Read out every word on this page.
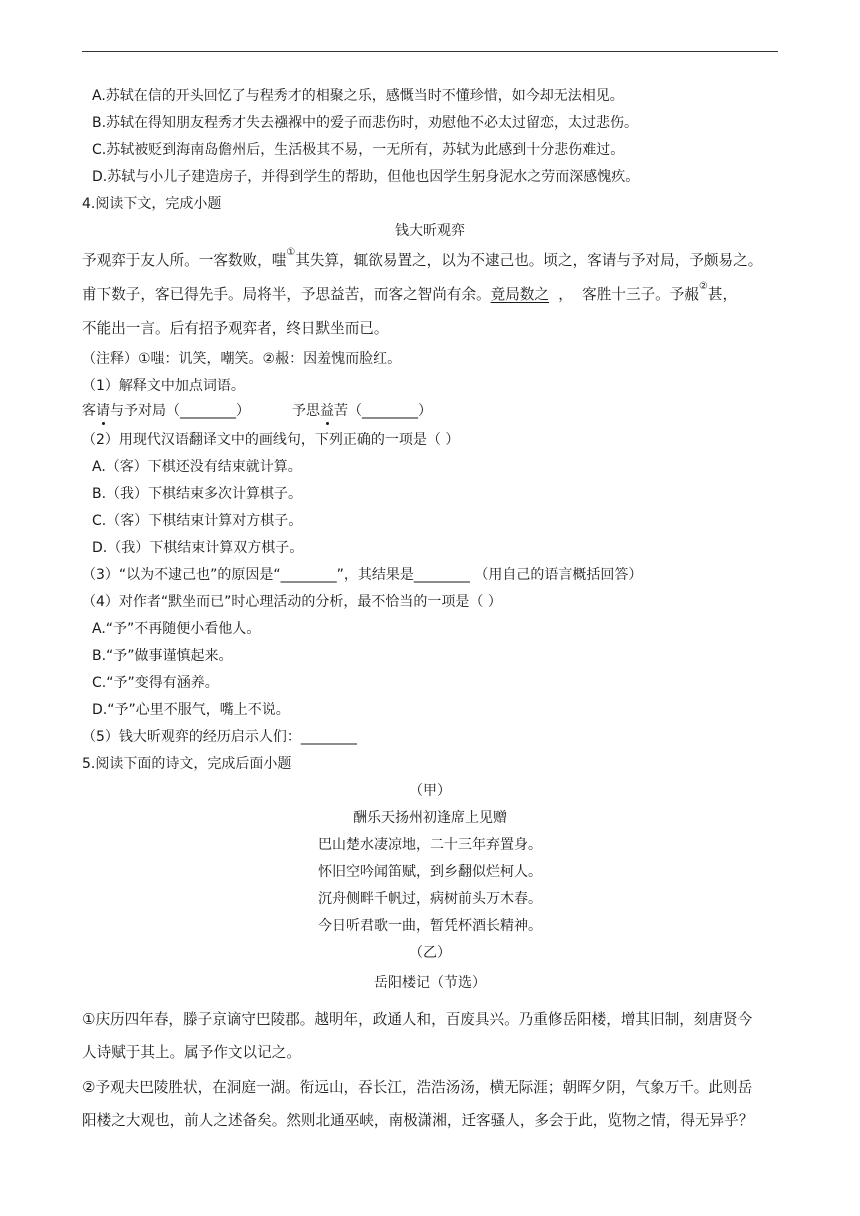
A.苏轼在信的开头回忆了与程秀才的相聚之乐，感慨当时不懂珍惜，如今却无法相见。
B.苏轼在得知朋友程秀才失去襁褓中的爱子而悲伤时，劝慰他不必太过留恋，太过悲伤。
C.苏轼被贬到海南岛儋州后，生活极其不易，一无所有，苏轼为此感到十分悲伤难过。
D.苏轼与小儿子建造房子，并得到学生的帮助，但他也因学生躬身泥水之劳而深感愧疚。
4.阅读下文，完成小题
钱大昕观弈
予观弈于友人所。一客数败，嗤①其失算，辄欲易置之，以为不逮己也。顷之，客请与予对局，予颇易之。
甫下数子，客已得先手。局将半，予思益苦，而客之智尚有余。竟局数之  ，  客胜十三子。予赧②甚，
不能出一言。后有招予观弈者，终日默坐而已。
（注释）①嗤：讥笑，嘲笑。②赧：因羞愧而脸红。
（1）解释文中加点词语。
客请与予对局（________）	予思益苦（________）
（2）用现代汉语翻译文中的画线句，下列正确的一项是（ ）
A.（客）下棋还没有结束就计算。
B.（我）下棋结束多次计算棋子。
C.（客）下棋结束计算对方棋子。
D.（我）下棋结束计算双方棋子。
（3）“以为不逮己也”的原因是“________”，其结果是________ （用自己的语言概括回答）
（4）对作者“默坐而已”时心理活动的分析，最不恰当的一项是（ ）
A.“予”不再随便小看他人。
B.“予”做事谨慎起来。
C.“予”变得有涵养。
D.“予”心里不服气，嘴上不说。
（5）钱大昕观弈的经历启示人们：________
5.阅读下面的诗文，完成后面小题
（甲）
酬乐天扬州初逢席上见赠
巴山楚水凄凉地，二十三年弃置身。
怀旧空吟闻笛赋，到乡翻似烂柯人。
沉舟侧畔千帆过，病树前头万木春。
今日听君歌一曲，暂凭杯酒长精神。
（乙）
岳阳楼记（节选）
①庆历四年春，滕子京谪守巴陵郡。越明年，政通人和，百废具兴。乃重修岳阳楼，增其旧制，刻唐贤今
人诗赋于其上。属予作文以记之。
②予观夫巴陵胜状，在洞庭一湖。衔远山，吞长江，浩浩汤汤，横无际涯；朝晖夕阴，气象万千。此则岳
阳楼之大观也，前人之述备矣。然则北通巫峡，南极潇湘，迁客骚人，多会于此，览物之情，得无异乎？
